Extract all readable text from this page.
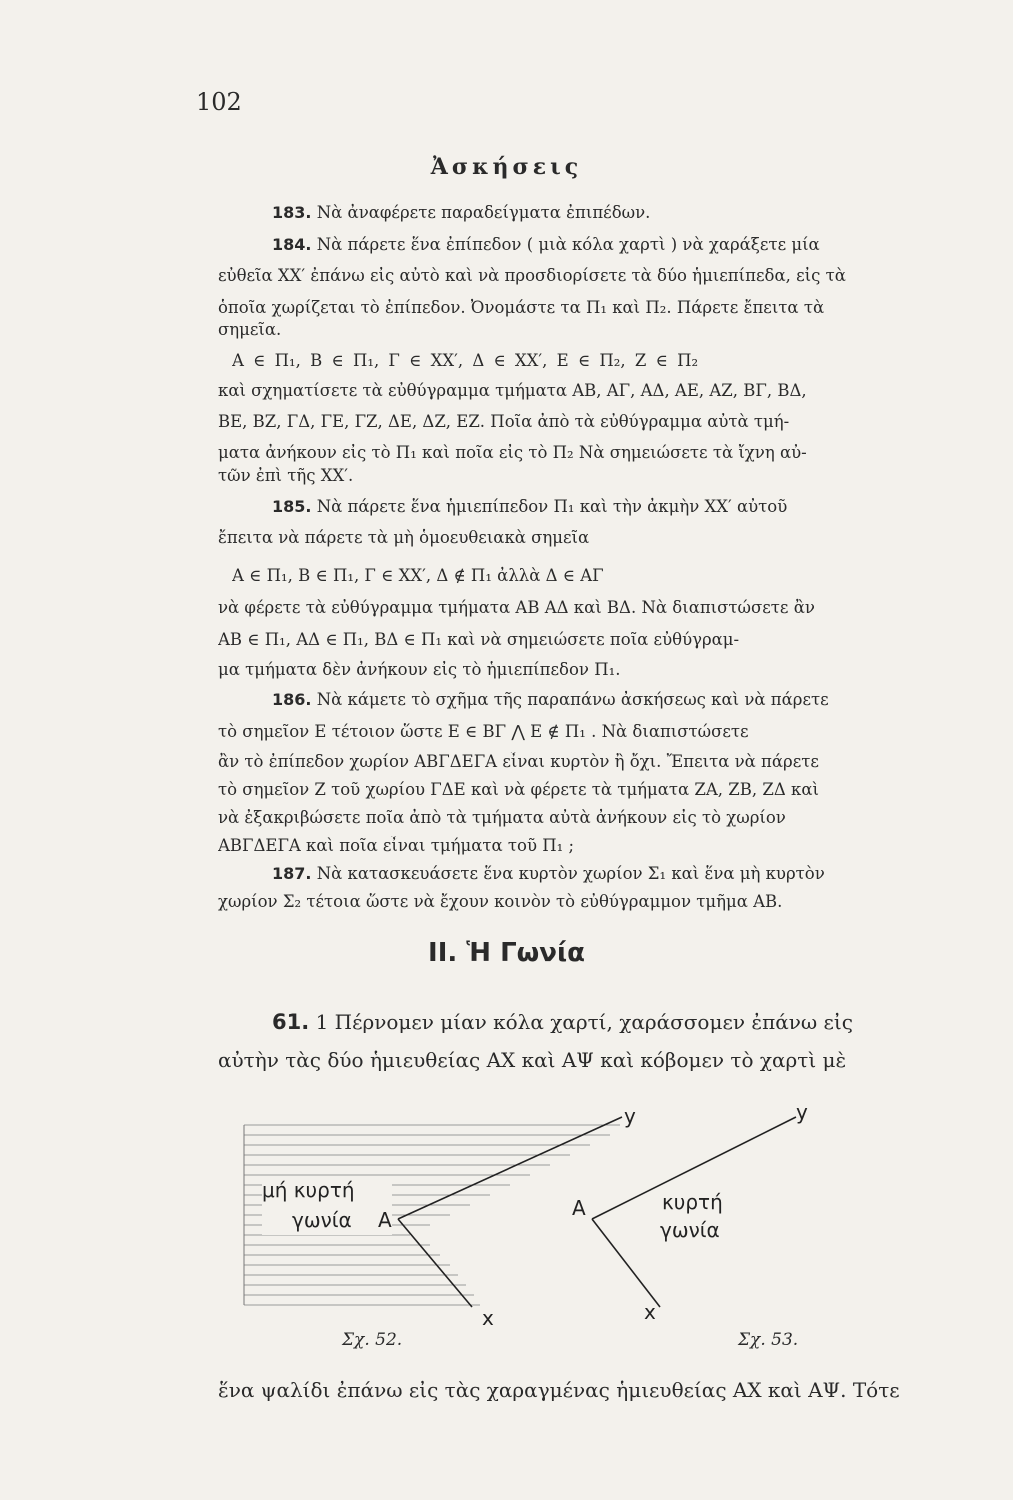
102
Ἀσκήσεις
183. Νὰ ἀναφέρετε παραδείγματα ἐπιπέδων.
184. Νὰ πάρετε ἕνα ἐπίπεδον ( μιὰ κόλα χαρτὶ ) νὰ χαράξετε μία
εὐθεῖα XX′ ἐπάνω εἰς αὐτὸ καὶ νὰ προσδιορίσετε τὰ δύο ἡμιεπίπεδα, εἰς τὰ
ὁποῖα χωρίζεται τὸ ἐπίπεδον. Ὀνομάστε τα Π₁ καὶ Π₂. Πάρετε ἔπειτα τὰ
σημεῖα.
Α ∈ Π₁, Β ∈ Π₁, Γ ∈ XX′, Δ ∈ XX′, Ε ∈ Π₂, Ζ ∈ Π₂
καὶ σχηματίσετε τὰ εὐθύγραμμα τμήματα ΑΒ, ΑΓ, ΑΔ, ΑΕ, ΑΖ, ΒΓ, ΒΔ,
ΒΕ, ΒΖ, ΓΔ, ΓΕ, ΓΖ, ΔΕ, ΔΖ, ΕΖ. Ποῖα ἀπὸ τὰ εὐθύγραμμα αὐτὰ τμή-
ματα ἀνήκουν εἰς τὸ Π₁ καὶ ποῖα εἰς τὸ Π₂ Νὰ σημειώσετε τὰ ἴχνη αὐ-
τῶν ἐπὶ τῆς XX′.
185. Νὰ πάρετε ἕνα ἡμιεπίπεδον Π₁ καὶ τὴν ἀκμὴν XX′ αὐτοῦ
ἔπειτα νὰ πάρετε τὰ μὴ ὁμοευθειακὰ σημεῖα
Α ∈ Π₁, Β ∈ Π₁, Γ ∈ XX′, Δ ∉ Π₁ ἀλλὰ Δ ∈ ΑΓ
νὰ φέρετε τὰ εὐθύγραμμα τμήματα ΑΒ ΑΔ καὶ ΒΔ. Νὰ διαπιστώσετε ἂν
ΑΒ ∈ Π₁, ΑΔ ∈ Π₁, ΒΔ ∈ Π₁ καὶ νὰ σημειώσετε ποῖα εὐθύγραμ-
μα τμήματα δὲν ἀνήκουν εἰς τὸ ἡμιεπίπεδον Π₁.
186. Νὰ κάμετε τὸ σχῆμα τῆς παραπάνω ἀσκήσεως καὶ νὰ πάρετε
τὸ σημεῖον Ε τέτοιον ὥστε Ε ∈ ΒΓ ⋀ Ε ∉ Π₁ . Νὰ διαπιστώσετε
ἂν τὸ ἐπίπεδον χωρίον ΑΒΓΔΕΓΑ εἶναι κυρτὸν ἢ ὄχι. Ἔπειτα νὰ πάρετε
τὸ σημεῖον Ζ τοῦ χωρίου ΓΔΕ καὶ νὰ φέρετε τὰ τμήματα ΖΑ, ΖΒ, ΖΔ καὶ
νὰ ἐξακριβώσετε ποῖα ἀπὸ τὰ τμήματα αὐτὰ ἀνήκουν εἰς τὸ χωρίον
ΑΒΓΔΕΓΑ καὶ ποῖα εἶναι τμήματα τοῦ Π₁ ;
187. Νὰ κατασκευάσετε ἕνα κυρτὸν χωρίον Σ₁ καὶ ἕνα μὴ κυρτὸν
χωρίον Σ₂ τέτοια ὥστε νὰ ἔχουν κοινὸν τὸ εὐθύγραμμον τμῆμα ΑΒ.
II. Ἡ Γωνία
61. 1 Πέρνομεν μίαν κόλα χαρτί, χαράσσομεν ἐπάνω εἰς
αὐτὴν τὰς δύο ἡμιευθείας ΑΧ καὶ ΑΨ καὶ κόβομεν τὸ χαρτὶ μὲ
μή κυρτή
γωνία A	A	κυρτή
γωνία
y	y
x	x
Σχ. 52.	Σχ. 53.
ἕνα ψαλίδι ἐπάνω εἰς τὰς χαραγμένας ἡμιευθείας ΑΧ καὶ ΑΨ. Τότε
